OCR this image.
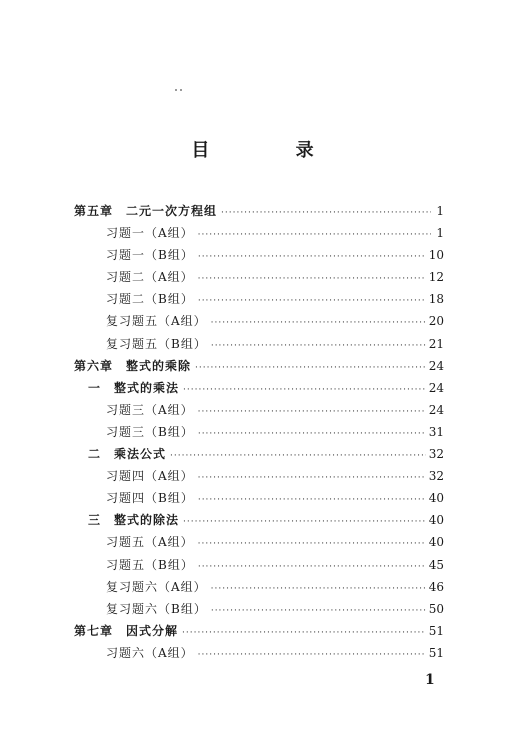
目 录
第五章　二元一次方程组 ·····	1
习题一（A组） ·····	1
习题一（B组） ·····	10
习题二（A组） ·····	12
习题二（B组） ·····	18
复习题五（A组） ·····	20
复习题五（B组） ·····	21
第六章　整式的乘除 ·····	24
一　整式的乘法 ·····	24
习题三（A组） ·····	24
习题三（B组） ·····	31
二　乘法公式 ·····	32
习题四（A组） ·····	32
习题四（B组） ·····	40
三　整式的除法 ·····	40
习题五（A组） ·····	40
习题五（B组） ·····	45
复习题六（A组） ·····	46
复习题六（B组） ·····	50
第七章　因式分解 ·····	51
习题六（A组） ·····	51
1
